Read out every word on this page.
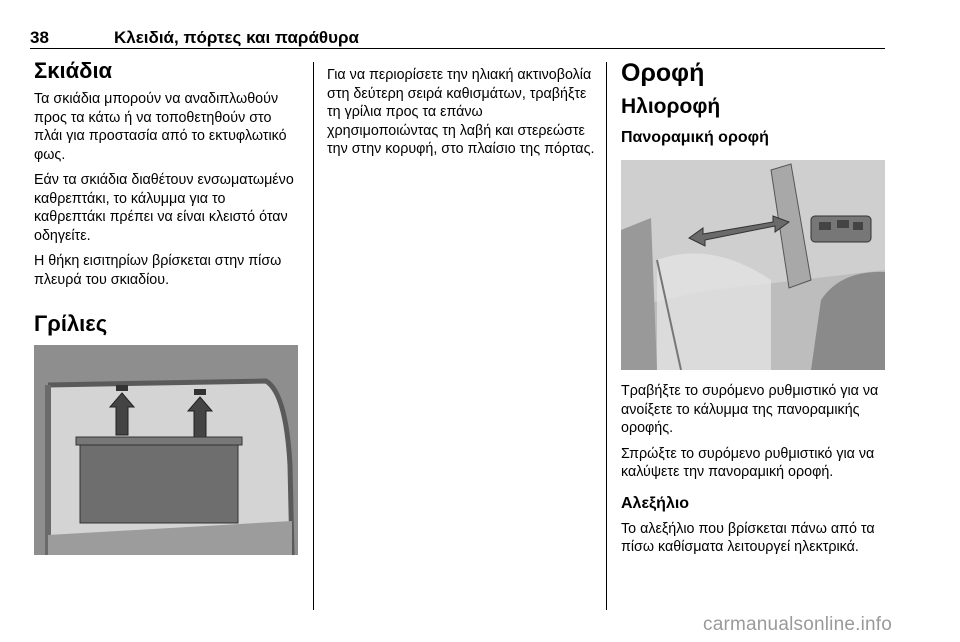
38	Κλειδιά, πόρτες και παράθυρα
Σκιάδια

Τα σκιάδια μπορούν να αναδιπλωθούν προς τα κάτω ή να τοποθετηθούν στο πλάι για προστασία από το εκτυφλωτικό φως.

Εάν τα σκιάδια διαθέτουν ενσωματωμένο καθρεπτάκι, το κάλυμμα για το καθρεπτάκι πρέπει να είναι κλειστό όταν οδηγείτε.

Η θήκη εισιτηρίων βρίσκεται στην πίσω πλευρά του σκιαδίου.

Γρίλιες

Για να περιορίσετε την ηλιακή ακτινοβολία στη δεύτερη σειρά καθισμάτων, τραβήξτε τη γρίλια προς τα επάνω χρησιμοποιώντας τη λαβή και στερεώστε την στην κορυφή, στο πλαίσιο της πόρτας.

Οροφή
Ηλιοροφή
Πανοραμική οροφή

Τραβήξτε το συρόμενο ρυθμιστικό για να ανοίξετε το κάλυμμα της πανοραμικής οροφής.

Σπρώξτε το συρόμενο ρυθμιστικό για να καλύψετε την πανοραμική οροφή.

Αλεξήλιο

Το αλεξήλιο που βρίσκεται πάνω από τα πίσω καθίσματα λειτουργεί ηλεκτρικά.

carmanualsonline.info
